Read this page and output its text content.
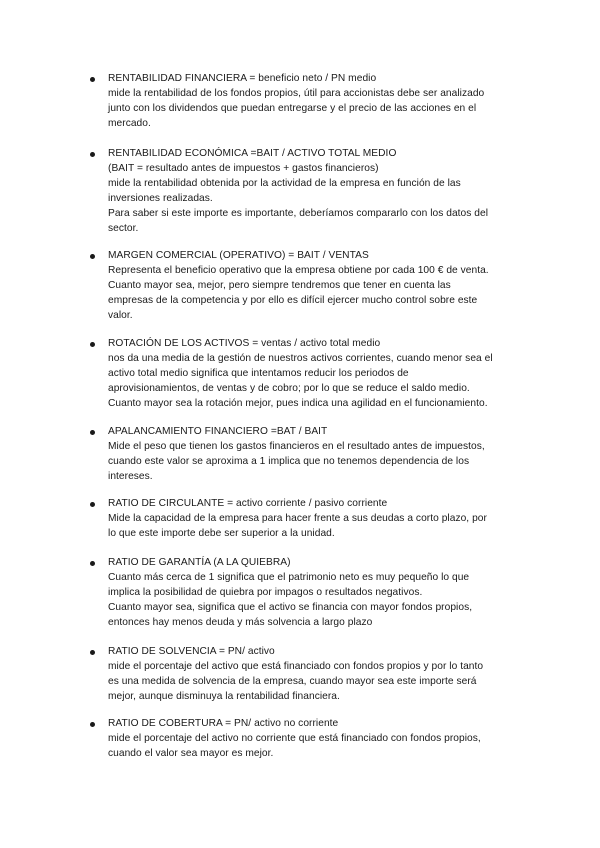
RENTABILIDAD FINANCIERA = beneficio neto / PN medio
mide la rentabilidad de los fondos propios, útil para accionistas debe ser analizado
junto con los dividendos que puedan entregarse y el precio de las acciones en el
mercado.
RENTABILIDAD ECONÓMICA =BAIT / ACTIVO TOTAL MEDIO
(BAIT = resultado antes de impuestos + gastos financieros)
mide la rentabilidad obtenida por la actividad de la empresa en función de las
inversiones realizadas.
Para saber si este importe es importante, deberíamos compararlo con los datos del
sector.
MARGEN COMERCIAL (OPERATIVO) = BAIT / VENTAS
Representa el beneficio operativo que la empresa obtiene por cada 100 € de venta.
Cuanto mayor sea, mejor, pero siempre tendremos que tener en cuenta las
empresas de la competencia y por ello es difícil ejercer mucho control sobre este
valor.
ROTACIÓN DE LOS ACTIVOS = ventas / activo total medio
nos da una media de la gestión de nuestros activos corrientes, cuando menor sea el
activo total medio significa que intentamos reducir los periodos de
aprovisionamientos, de ventas y de cobro; por lo que se reduce el saldo medio.
Cuanto mayor sea la rotación mejor, pues indica una agilidad en el funcionamiento.
APALANCAMIENTO FINANCIERO =BAT / BAIT
Mide el peso que tienen los gastos financieros en el resultado antes de impuestos,
cuando este valor se aproxima a 1 implica que no tenemos dependencia de los
intereses.
RATIO DE CIRCULANTE = activo corriente / pasivo corriente
Mide la capacidad de la empresa para hacer frente a sus deudas a corto plazo, por
lo que este importe debe ser superior a la unidad.
RATIO DE GARANTÍA (A LA QUIEBRA)
Cuanto más cerca de 1 significa que el patrimonio neto es muy pequeño lo que
implica la posibilidad de quiebra por impagos o resultados negativos.
Cuanto mayor sea, significa que el activo se financia con mayor fondos propios,
entonces hay menos deuda y más solvencia a largo plazo
RATIO DE SOLVENCIA = PN/ activo
mide el porcentaje del activo que está financiado con fondos propios y por lo tanto
es una medida de solvencia de la empresa, cuando mayor sea este importe será
mejor, aunque disminuya la rentabilidad financiera.
RATIO DE COBERTURA = PN/ activo no corriente
mide el porcentaje del activo no corriente que está financiado con fondos propios,
cuando el valor sea mayor es mejor.
